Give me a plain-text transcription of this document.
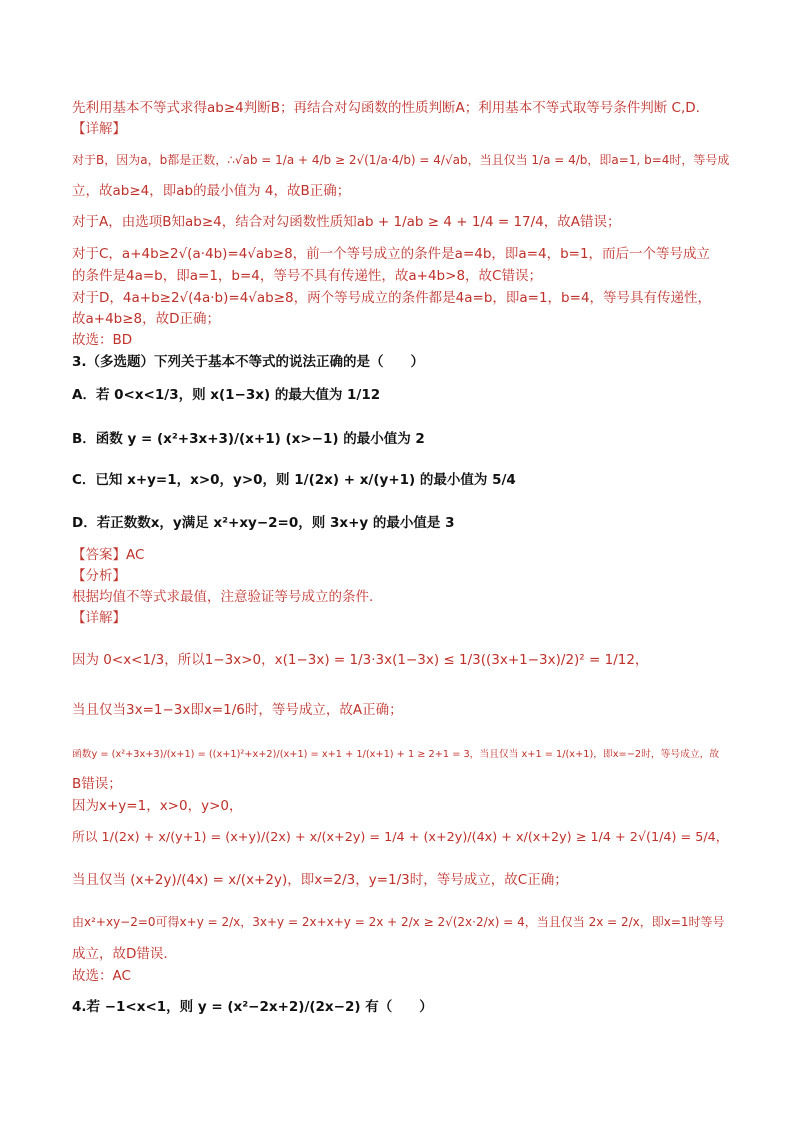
先利用基本不等式求得ab≥4判断B；再结合对勾函数的性质判断A；利用基本不等式取等号条件判断 C,D.
【详解】
对于B，因为a，b都是正数，∴√ab = 1/a + 4/b ≥ 2√(1/a·4/b) = 4/√ab，当且仅当 1/a = 4/b，即a=1, b=4时，等号成
立，故ab≥4，即ab的最小值为 4，故B正确；
对于A，由选项B知ab≥4，结合对勾函数性质知ab + 1/ab ≥ 4 + 1/4 = 17/4，故A错误；
对于C，a+4b≥2√(a·4b)=4√ab≥8，前一个等号成立的条件是a=4b，即a=4，b=1，而后一个等号成立
的条件是4a=b，即a=1，b=4，等号不具有传递性，故a+4b>8，故C错误；
对于D，4a+b≥2√(4a·b)=4√ab≥8，两个等号成立的条件都是4a=b，即a=1，b=4，等号具有传递性，
故a+4b≥8，故D正确；
故选：BD
3.（多选题）下列关于基本不等式的说法正确的是（　　）
A．若 0<x<1/3，则 x(1−3x) 的最大值为 1/12
B．函数 y = (x²+3x+3)/(x+1) (x>−1) 的最小值为 2
C．已知 x+y=1，x>0，y>0，则 1/(2x) + x/(y+1) 的最小值为 5/4
D．若正数数x，y满足 x²+xy−2=0，则 3x+y 的最小值是 3
【答案】AC
【分析】
根据均值不等式求最值，注意验证等号成立的条件.
【详解】
因为 0<x<1/3，所以1−3x>0，x(1−3x) = 1/3·3x(1−3x) ≤ 1/3((3x+1−3x)/2)² = 1/12，
当且仅当3x=1−3x即x=1/6时，等号成立，故A正确；
函数y = (x²+3x+3)/(x+1) = ((x+1)²+x+2)/(x+1) = x+1 + 1/(x+1) + 1 ≥ 2+1 = 3，当且仅当 x+1 = 1/(x+1)，即x=−2时，等号成立，故
B错误；
因为x+y=1，x>0，y>0，
所以 1/(2x) + x/(y+1) = (x+y)/(2x) + x/(x+2y) = 1/4 + (x+2y)/(4x) + x/(x+2y) ≥ 1/4 + 2√(1/4) = 5/4，
当且仅当 (x+2y)/(4x) = x/(x+2y)，即x=2/3，y=1/3时，等号成立，故C正确；
由x²+xy−2=0可得x+y = 2/x，3x+y = 2x+x+y = 2x + 2/x ≥ 2√(2x·2/x) = 4，当且仅当 2x = 2/x，即x=1时等号
成立，故D错误.
故选：AC
4.若 −1<x<1，则 y = (x²−2x+2)/(2x−2) 有（　　）
